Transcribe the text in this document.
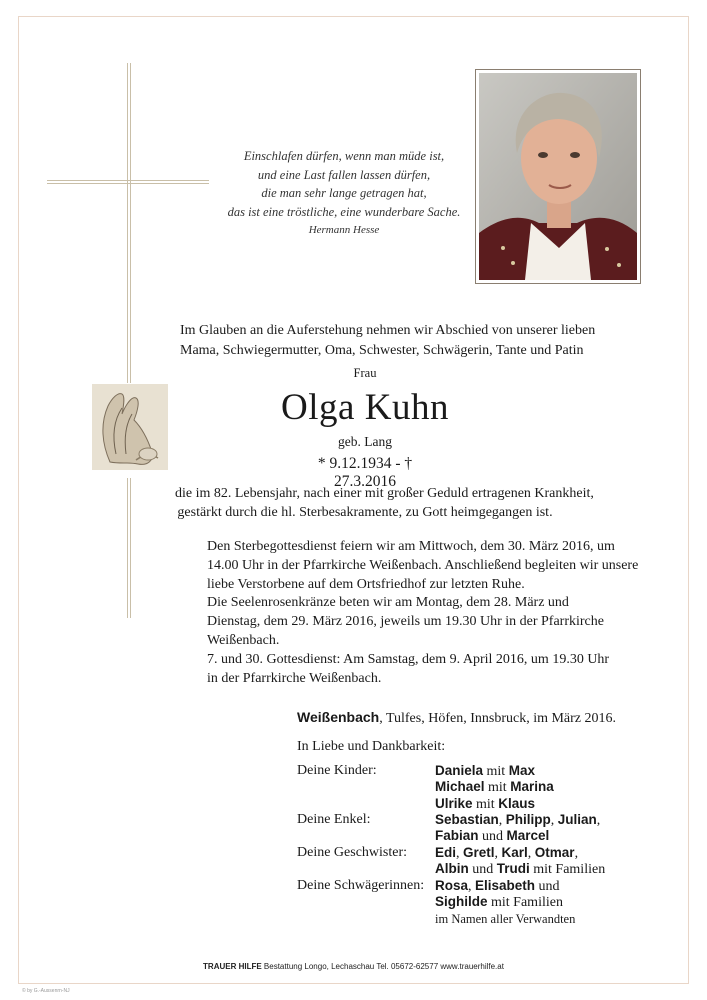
Einschlafen dürfen, wenn man müde ist,
und eine Last fallen lassen dürfen,
die man sehr lange getragen hat,
das ist eine tröstliche, eine wunderbare Sache.
Hermann Hesse
Im Glauben an die Auferstehung nehmen wir Abschied von unserer lieben
Mama, Schwiegermutter, Oma, Schwester, Schwägerin, Tante und Patin
Frau
Olga Kuhn
geb. Lang
* 9.12.1934 - † 27.3.2016
die im 82. Lebensjahr, nach einer mit großer Geduld ertragenen Krankheit,
gestärkt durch die hl. Sterbesakramente, zu Gott heimgegangen ist.
Den Sterbegottesdienst feiern wir am Mittwoch, dem 30. März 2016, um
14.00 Uhr in der Pfarrkirche Weißenbach. Anschließend begleiten wir unsere
liebe Verstorbene auf dem Ortsfriedhof zur letzten Ruhe.
Die Seelenrosenkränze beten wir am Montag, dem 28. März und
Dienstag, dem 29. März 2016, jeweils um 19.30 Uhr in der Pfarrkirche
Weißenbach.
7. und 30. Gottesdienst: Am Samstag, dem 9. April 2016, um 19.30 Uhr
in der Pfarrkirche Weißenbach.
Weißenbach, Tulfes, Höfen, Innsbruck, im März 2016.
In Liebe und Dankbarkeit:
Deine Kinder:
Deine Enkel:
Deine Geschwister:
Deine Schwägerinnen:
Daniela mit Max
Michael mit Marina
Ulrike mit Klaus
Sebastian, Philipp, Julian,
Fabian und Marcel
Edi, Gretl, Karl, Otmar,
Albin und Trudi mit Familien
Rosa, Elisabeth und
Sighilde mit Familien
im Namen aller Verwandten
TRAUER HILFE Bestattung Longo, Lechaschau Tel. 05672-62577 www.trauerhilfe.at
© by G.-Aussenrn-NJ
